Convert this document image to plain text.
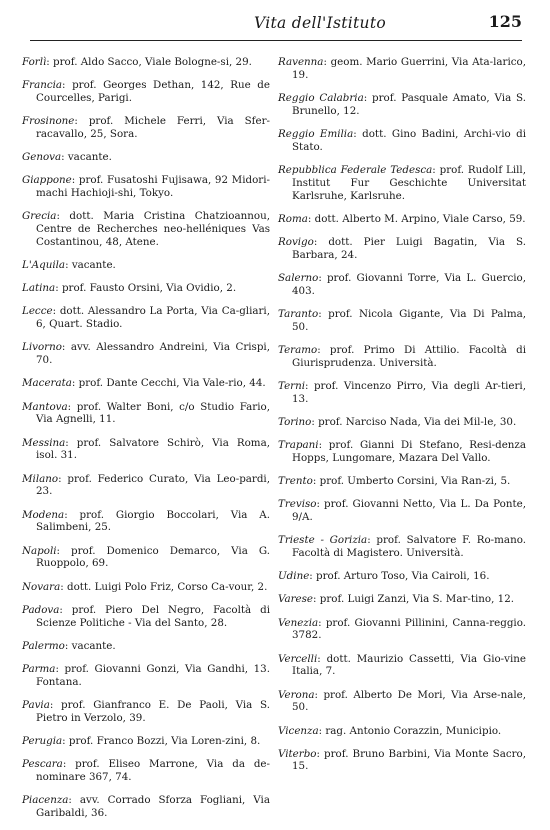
Vita dell'Istituto	125

Forlì: prof. Aldo Sacco, Viale Bologne-si, 29.

Francia: prof. Georges Dethan, 142, Rue de Courcelles, Parigi.

Frosinone: prof. Michele Ferri, Via Sfer-racavallo, 25, Sora.

Genova: vacante.

Giappone: prof. Fusatoshi Fujisawa, 92 Midori-machi Hachioji-shi, Tokyo.

Grecia: dott. Maria Cristina Chatzioannou, Centre de Recherches neo-helléniques Vas Costantinou, 48, Atene.

L'Aquila: vacante.

Latina: prof. Fausto Orsini, Via Ovidio, 2.

Lecce: dott. Alessandro La Porta, Via Ca-gliari, 6, Quart. Stadio.

Livorno: avv. Alessandro Andreini, Via Crispi, 70.

Macerata: prof. Dante Cecchi, Via Vale-rio, 44.

Mantova: prof. Walter Boni, c/o Studio Fario, Via Agnelli, 11.

Messina: prof. Salvatore Schirò, Via Roma, isol. 31.

Milano: prof. Federico Curato, Via Leo-pardi, 23.

Modena: prof. Giorgio Boccolari, Via A. Salimbeni, 25.

Napoli: prof. Domenico Demarco, Via G. Ruoppolo, 69.

Novara: dott. Luigi Polo Friz, Corso Ca-vour, 2.

Padova: prof. Piero Del Negro, Facoltà di Scienze Politiche - Via del Santo, 28.

Palermo: vacante.

Parma: prof. Giovanni Gonzi, Via Gandhi, 13. Fontana.

Pavia: prof. Gianfranco E. De Paoli, Via S. Pietro in Verzolo, 39.

Perugia: prof. Franco Bozzi, Via Loren-zini, 8.

Pescara: prof. Eliseo Marrone, Via da de-nominare 367, 74.

Piacenza: avv. Corrado Sforza Fogliani, Via Garibaldi, 36.

Ravenna: geom. Mario Guerrini, Via Ata-larico, 19.

Reggio Calabria: prof. Pasquale Amato, Via S. Brunello, 12.

Reggio Emilia: dott. Gino Badini, Archi-vio di Stato.

Repubblica Federale Tedesca: prof. Rudolf Lill, Institut Fur Geschichte Universitat Karlsruhe, Karlsruhe.

Roma: dott. Alberto M. Arpino, Viale Carso, 59.

Rovigo: dott. Pier Luigi Bagatin, Via S. Barbara, 24.

Salerno: prof. Giovanni Torre, Via L. Guercio, 403.

Taranto: prof. Nicola Gigante, Via Di Palma, 50.

Teramo: prof. Primo Di Attilio. Facoltà di Giurisprudenza. Università.

Terni: prof. Vincenzo Pirro, Via degli Ar-tieri, 13.

Torino: prof. Narciso Nada, Via dei Mil-le, 30.

Trapani: prof. Gianni Di Stefano, Resi-denza Hopps, Lungomare, Mazara Del Vallo.

Trento: prof. Umberto Corsini, Via Ran-zi, 5.

Treviso: prof. Giovanni Netto, Via L. Da Ponte, 9/A.

Trieste - Gorizia: prof. Salvatore F. Ro-mano. Facoltà di Magistero. Università.

Udine: prof. Arturo Toso, Via Cairoli, 16.

Varese: prof. Luigi Zanzi, Via S. Mar-tino, 12.

Venezia: prof. Giovanni Pillinini, Canna-reggio. 3782.

Vercelli: dott. Maurizio Cassetti, Via Gio-vine Italia, 7.

Verona: prof. Alberto De Mori, Via Arse-nale, 50.

Vicenza: rag. Antonio Corazzin, Municipio.

Viterbo: prof. Bruno Barbini, Via Monte Sacro, 15.
